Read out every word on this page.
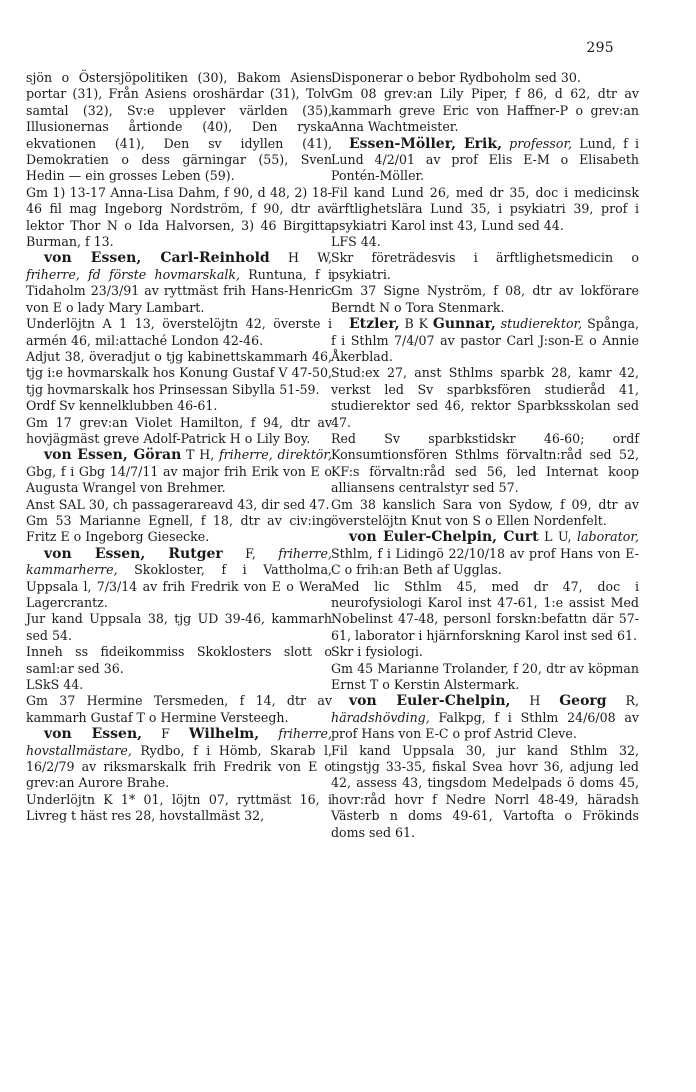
295
sjön o Östersjöpolitiken (30), Bakom Asiens portar (31), Från Asiens oroshärdar (31), Tolv samtal (32), Sv:e upplever världen (35), Illusionernas årtionde (40), Den ryska ekvationen (41), Den sv idyllen (41), Demokratien o dess gärningar (55), Sven Hedin — ein grosses Leben (59).
Gm 1) 13-17 Anna-Lisa Dahm, f 90, d 48, 2) 18-46 fil mag Ingeborg Nordström, f 90, dtr av lektor Thor N o Ida Halvorsen, 3) 46 Birgitta Burman, f 13.
von Essen, Carl-Reinhold H W, friherre, fd förste hovmarskalk, Runtuna, f i Tidaholm 23/3/91 av ryttmäst frih Hans-Henric von E o lady Mary Lambart.
Underlöjtn A 1 13, överstelöjtn 42, överste i armén 46, mil:attaché London 42-46.
Adjut 38, överadjut o tjg kabinettskammarh 46, tjg i:e hovmarskalk hos Konung Gustaf V 47-50, tjg hovmarskalk hos Prinsessan Sibylla 51-59.
Ordf Sv kennelklubben 46-61.
Gm 17 grev:an Violet Hamilton, f 94, dtr av hovjägmäst greve Adolf-Patrick H o Lily Boy.
von Essen, Göran T H, friherre, direktör, Gbg, f i Gbg 14/7/11 av major frih Erik von E o Augusta Wrangel von Brehmer.
Anst SAL 30, ch passagerareavd 43, dir sed 47.
Gm 53 Marianne Egnell, f 18, dtr av civ:ing Fritz E o Ingeborg Giesecke.
von Essen, Rutger F, friherre, kammarherre, Skokloster, f i Vattholma, Uppsala l, 7/3/14 av frih Fredrik von E o Wera Lagercrantz.
Jur kand Uppsala 38, tjg UD 39-46, kammarh sed 54.
Inneh ss fideikommiss Skoklosters slott o saml:ar sed 36.
LSkS 44.
Gm 37 Hermine Tersmeden, f 14, dtr av kammarh Gustaf T o Hermine Versteegh.
von Essen, F Wilhelm, friherre, hovstallmästare, Rydbo, f i Hömb, Skarab l, 16/2/79 av riksmarskalk frih Fredrik von E o grev:an Aurore Brahe.
Underlöjtn K 1* 01, löjtn 07, ryttmäst 16, i Livreg t häst res 28, hovstallmäst 32,
Disponerar o bebor Rydboholm sed 30.
Gm 08 grev:an Lily Piper, f 86, d 62, dtr av kammarh greve Eric von Haffner-P o grev:an Anna Wachtmeister.
Essen-Möller, Erik, professor, Lund, f i Lund 4/2/01 av prof Elis E-M o Elisabeth Pontén-Möller.
Fil kand Lund 26, med dr 35, doc i medicinsk ärftlighetslära Lund 35, i psykiatri 39, prof i psykiatri Karol inst 43, Lund sed 44.
LFS 44.
Skr företrädesvis i ärftlighetsmedicin o psykiatri.
Gm 37 Signe Nyström, f 08, dtr av lokförare Berndt N o Tora Stenmark.
Etzler, B K Gunnar, studierektor, Spånga, f i Sthlm 7/4/07 av pastor Carl J:son-E o Annie Åkerblad.
Stud:ex 27, anst Sthlms sparbk 28, kamr 42, verkst led Sv sparbksfören studieråd 41, studierektor sed 46, rektor Sparbksskolan sed 47.
Red Sv sparbkstidskr 46-60; ordf Konsumtionsfören Sthlms förvaltn:råd sed 52, KF:s förvaltn:råd sed 56, led Internat koop alliansens centralstyr sed 57.
Gm 38 kanslich Sara von Sydow, f 09, dtr av överstelöjtn Knut von S o Ellen Nordenfelt.
von Euler-Chelpin, Curt L U, laborator, Sthlm, f i Lidingö 22/10/18 av prof Hans von E-C o frih:an Beth af Ugglas.
Med lic Sthlm 45, med dr 47, doc i neurofysiologi Karol inst 47-61, 1:e assist Med Nobelinst 47-48, personl forskn:befattn där 57-61, laborator i hjärnforskning Karol inst sed 61.
Skr i fysiologi.
Gm 45 Marianne Trolander, f 20, dtr av köpman Ernst T o Kerstin Alstermark.
von Euler-Chelpin, H Georg R, häradshövding, Falkpg, f i Sthlm 24/6/08 av prof Hans von E-C o prof Astrid Cleve.
Fil kand Uppsala 30, jur kand Sthlm 32, tingstjg 33-35, fiskal Svea hovr 36, adjung led 42, assess 43, tingsdom Medelpads ö doms 45, hovr:råd hovr f Nedre Norrl 48-49, häradsh Västerb n doms 49-61, Vartofta o Frökinds doms sed 61.
